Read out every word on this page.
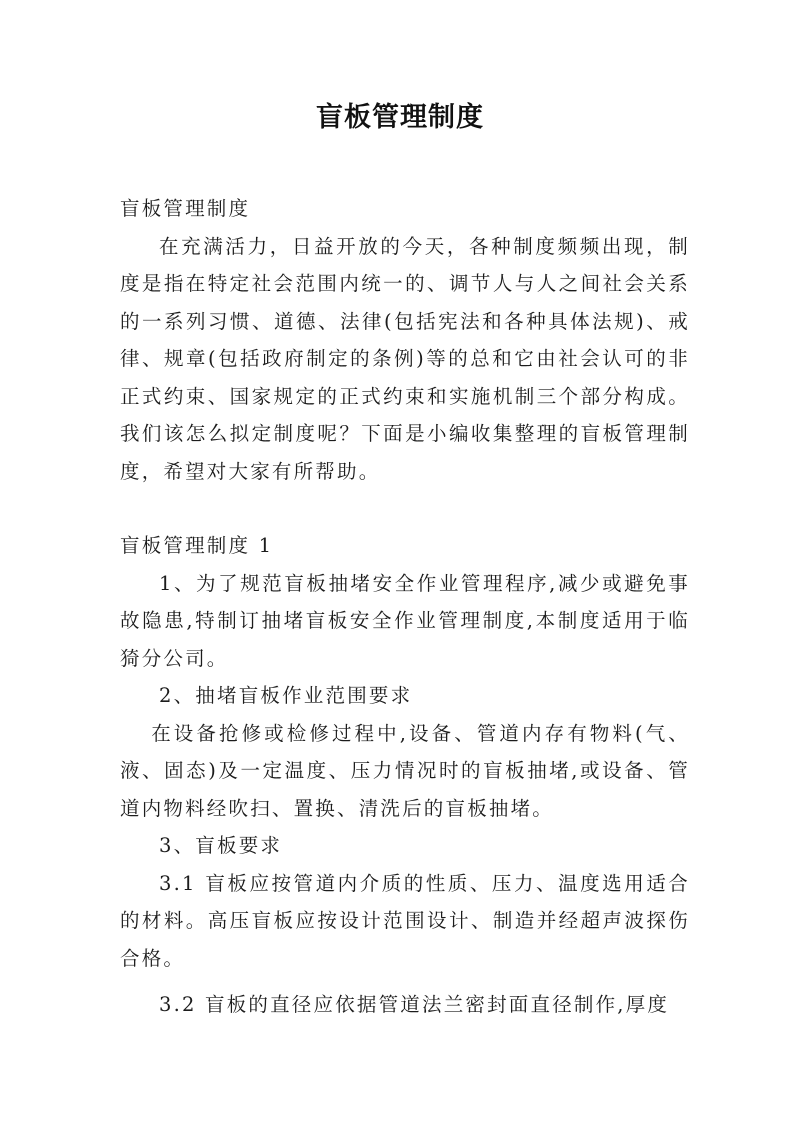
盲板管理制度

盲板管理制度

在充满活力，日益开放的今天，各种制度频频出现，制度是指在特定社会范围内统一的、调节人与人之间社会关系的一系列习惯、道德、法律(包括宪法和各种具体法规)、戒律、规章(包括政府制定的条例)等的总和它由社会认可的非正式约束、国家规定的正式约束和实施机制三个部分构成。我们该怎么拟定制度呢？下面是小编收集整理的盲板管理制度，希望对大家有所帮助。

盲板管理制度 1

1、为了规范盲板抽堵安全作业管理程序,减少或避免事故隐患,特制订抽堵盲板安全作业管理制度,本制度适用于临猗分公司。

2、抽堵盲板作业范围要求

在设备抢修或检修过程中,设备、管道内存有物料(气、液、固态)及一定温度、压力情况时的盲板抽堵,或设备、管道内物料经吹扫、置换、清洗后的盲板抽堵。

3、盲板要求

3.1 盲板应按管道内介质的性质、压力、温度选用适合的材料。高压盲板应按设计范围设计、制造并经超声波探伤合格。

3.2 盲板的直径应依据管道法兰密封面直径制作,厚度
